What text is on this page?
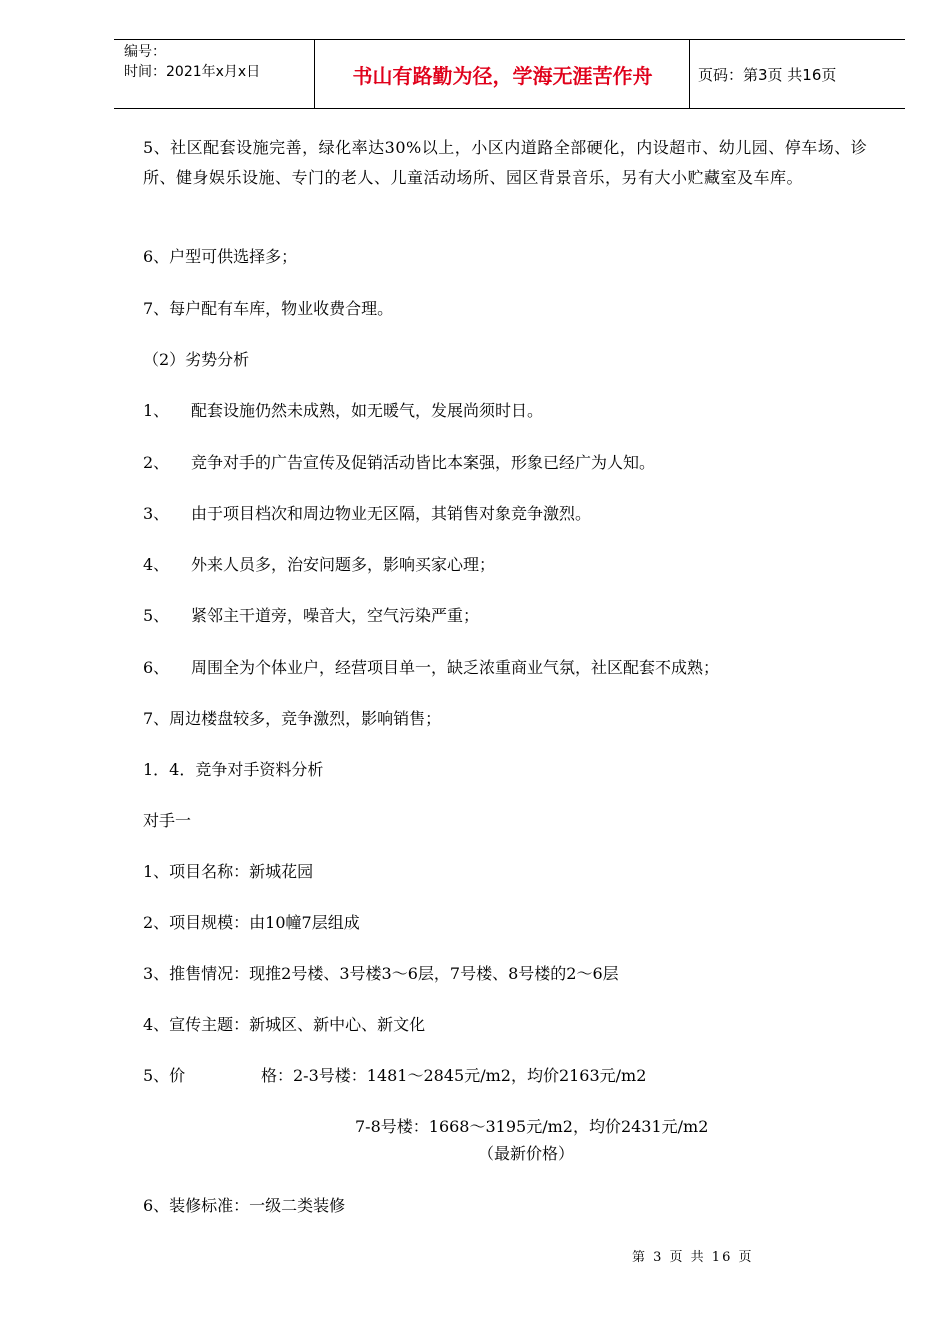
编号：
时间：2021年x月x日	书山有路勤为径，学海无涯苦作舟	页码：第3页 共16页
5、社区配套设施完善，绿化率达30%以上，小区内道路全部硬化，内设超市、幼儿园、停车场、诊所、健身娱乐设施、专门的老人、儿童活动场所、园区背景音乐，另有大小贮藏室及车库。
6、户型可供选择多；
7、每户配有车库，物业收费合理。
（2）劣势分析
1、 配套设施仍然未成熟，如无暖气，发展尚须时日。
2、 竞争对手的广告宣传及促销活动皆比本案强，形象已经广为人知。
3、 由于项目档次和周边物业无区隔，其销售对象竞争激烈。
4、 外来人员多，治安问题多，影响买家心理；
5、 紧邻主干道旁，噪音大，空气污染严重；
6、 周围全为个体业户，经营项目单一，缺乏浓重商业气氛，社区配套不成熟；
7、周边楼盘较多，竞争激烈，影响销售；
1．4．竞争对手资料分析
对手一
1、项目名称：新城花园
2、项目规模：由10幢7层组成
3、推售情况：现推2号楼、3号楼3～6层，7号楼、8号楼的2～6层
4、宣传主题：新城区、新中心、新文化
5、价	格：2-3号楼：1481～2845元/m2，均价2163元/m2
7-8号楼：1668～3195元/m2，均价2431元/m2
（最新价格）
6、装修标准：一级二类装修
第 3 页 共 16 页
